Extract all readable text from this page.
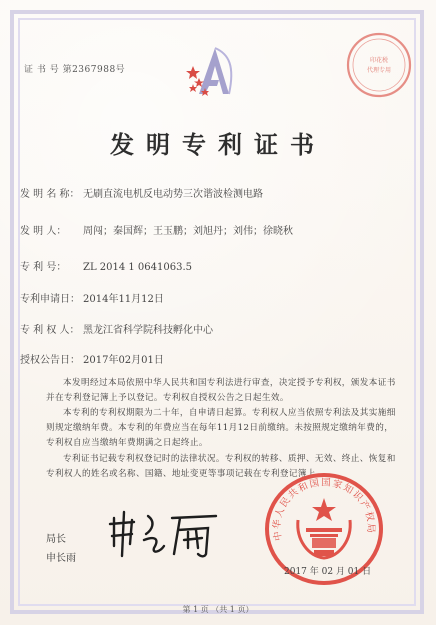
证 书 号 第2367988号
印花税
代理专用
发明专利证书
发 明 名 称： 无刷直流电机反电动势三次谐波检测电路
发 明 人： 周闯；秦国辉；王玉鹏；刘旭丹；刘伟；徐晓秋
专 利 号： ZL 2014 1 0641063.5
专利申请日： 2014年11月12日
专 利 权 人： 黑龙江省科学院科技孵化中心
授权公告日： 2017年02月01日
本发明经过本局依照中华人民共和国专利法进行审查，决定授予专利权，颁发本证书并在专利登记簿上予以登记。专利权自授权公告之日起生效。
本专利的专利权期限为二十年，自申请日起算。专利权人应当依照专利法及其实施细则规定缴纳年费。本专利的年费应当在每年11月12日前缴纳。未按照规定缴纳年费的，专利权自应当缴纳年费期满之日起终止。
专利证书记载专利权登记时的法律状况。专利权的转移、质押、无效、终止、恢复和专利权人的姓名或名称、国籍、地址变更等事项记载在专利登记簿上。
局长
申长雨
中华人民共和国国家知识产权局
2017 年 02 月 01 日
第 1 页 （共 1 页）
